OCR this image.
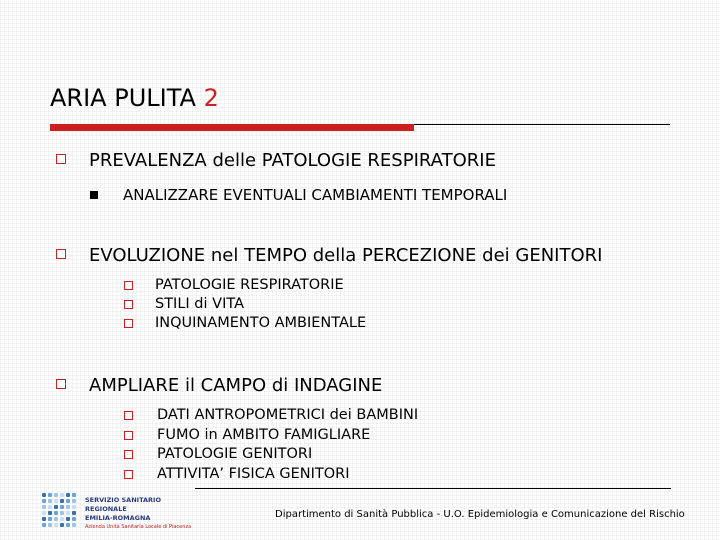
ARIA PULITA 2
PREVALENZA delle PATOLOGIE RESPIRATORIE
ANALIZZARE EVENTUALI CAMBIAMENTI TEMPORALI
EVOLUZIONE nel TEMPO della PERCEZIONE dei GENITORI
PATOLOGIE RESPIRATORIE
STILI di VITA
INQUINAMENTO AMBIENTALE
AMPLIARE il CAMPO di INDAGINE
DATI ANTROPOMETRICI dei BAMBINI
FUMO in AMBITO FAMIGLIARE
PATOLOGIE GENITORI
ATTIVITA’ FISICA GENITORI
SERVIZIO SANITARIO REGIONALE
EMILIA-ROMAGNA
Azienda Unità Sanitaria Locale di Piacenza
Dipartimento di Sanità Pubblica - U.O. Epidemiologia e Comunicazione del Rischio
